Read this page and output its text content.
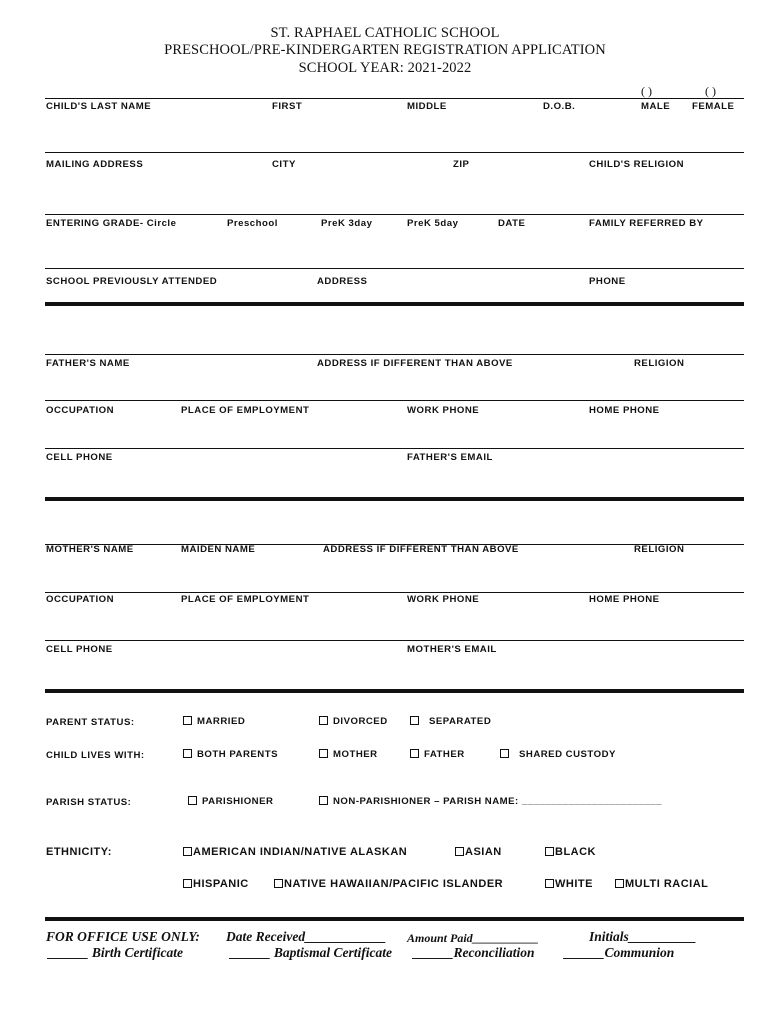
ST. RAPHAEL CATHOLIC SCHOOL
PRESCHOOL/PRE-KINDERGARTEN REGISTRATION APPLICATION
SCHOOL YEAR: 2021-2022
( )	( )
CHILD'S LAST NAME	FIRST	MIDDLE	D.O.B.	MALE FEMALE
MAILING ADDRESS	CITY	ZIP	CHILD'S RELIGION
ENTERING GRADE- Circle	Preschool	PreK 3day	PreK 5day	DATE	FAMILY REFERRED BY
SCHOOL PREVIOUSLY ATTENDED	ADDRESS	PHONE
FATHER'S NAME	ADDRESS IF DIFFERENT THAN ABOVE	RELIGION
OCCUPATION	PLACE OF EMPLOYMENT	WORK PHONE	HOME PHONE
CELL PHONE	FATHER'S EMAIL
MOTHER'S NAME	MAIDEN NAME	ADDRESS IF DIFFERENT THAN ABOVE	RELIGION
OCCUPATION	PLACE OF EMPLOYMENT	WORK PHONE	HOME PHONE
CELL PHONE	MOTHER'S EMAIL
PARENT STATUS:	MARRIED	DIVORCED	SEPARATED
CHILD LIVES WITH:	BOTH PARENTS	MOTHER	FATHER	SHARED CUSTODY
PARISH STATUS:	PARISHIONER	NON-PARISHIONER – PARISH NAME: ________________________
ETHNICITY:	AMERICAN INDIAN/NATIVE ALASKAN	ASIAN	BLACK
HISPANIC	NATIVE HAWAIIAN/PACIFIC ISLANDER	WHITE	MULTI RACIAL
FOR OFFICE USE ONLY: Date Received____________ Amount Paid___________	Initials__________
______ Birth Certificate	______ Baptismal Certificate ______Reconciliation ______Communion
